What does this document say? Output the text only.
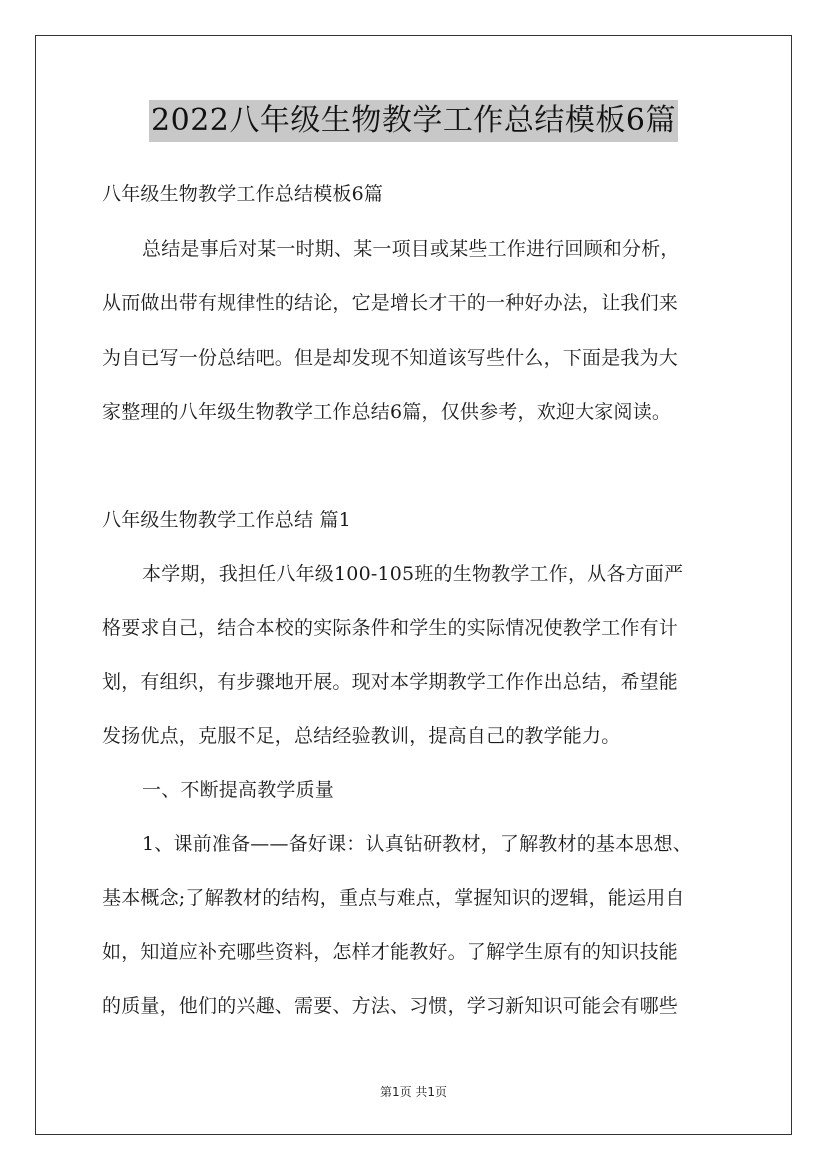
2022八年级生物教学工作总结模板6篇
八年级生物教学工作总结模板6篇
总结是事后对某一时期、某一项目或某些工作进行回顾和分析，
从而做出带有规律性的结论，它是增长才干的一种好办法，让我们来
为自已写一份总结吧。但是却发现不知道该写些什么，下面是我为大
家整理的八年级生物教学工作总结6篇，仅供参考，欢迎大家阅读。
八年级生物教学工作总结 篇1
本学期，我担任八年级100-105班的生物教学工作，从各方面严
格要求自己，结合本校的实际条件和学生的实际情况使教学工作有计
划，有组织，有步骤地开展。现对本学期教学工作作出总结，希望能
发扬优点，克服不足，总结经验教训，提高自己的教学能力。
一、不断提高教学质量
1、课前准备——备好课：认真钻研教材，了解教材的基本思想、
基本概念;了解教材的结构，重点与难点，掌握知识的逻辑，能运用自
如，知道应补充哪些资料，怎样才能教好。了解学生原有的知识技能
的质量，他们的兴趣、需要、方法、习惯，学习新知识可能会有哪些
第1页 共1页
